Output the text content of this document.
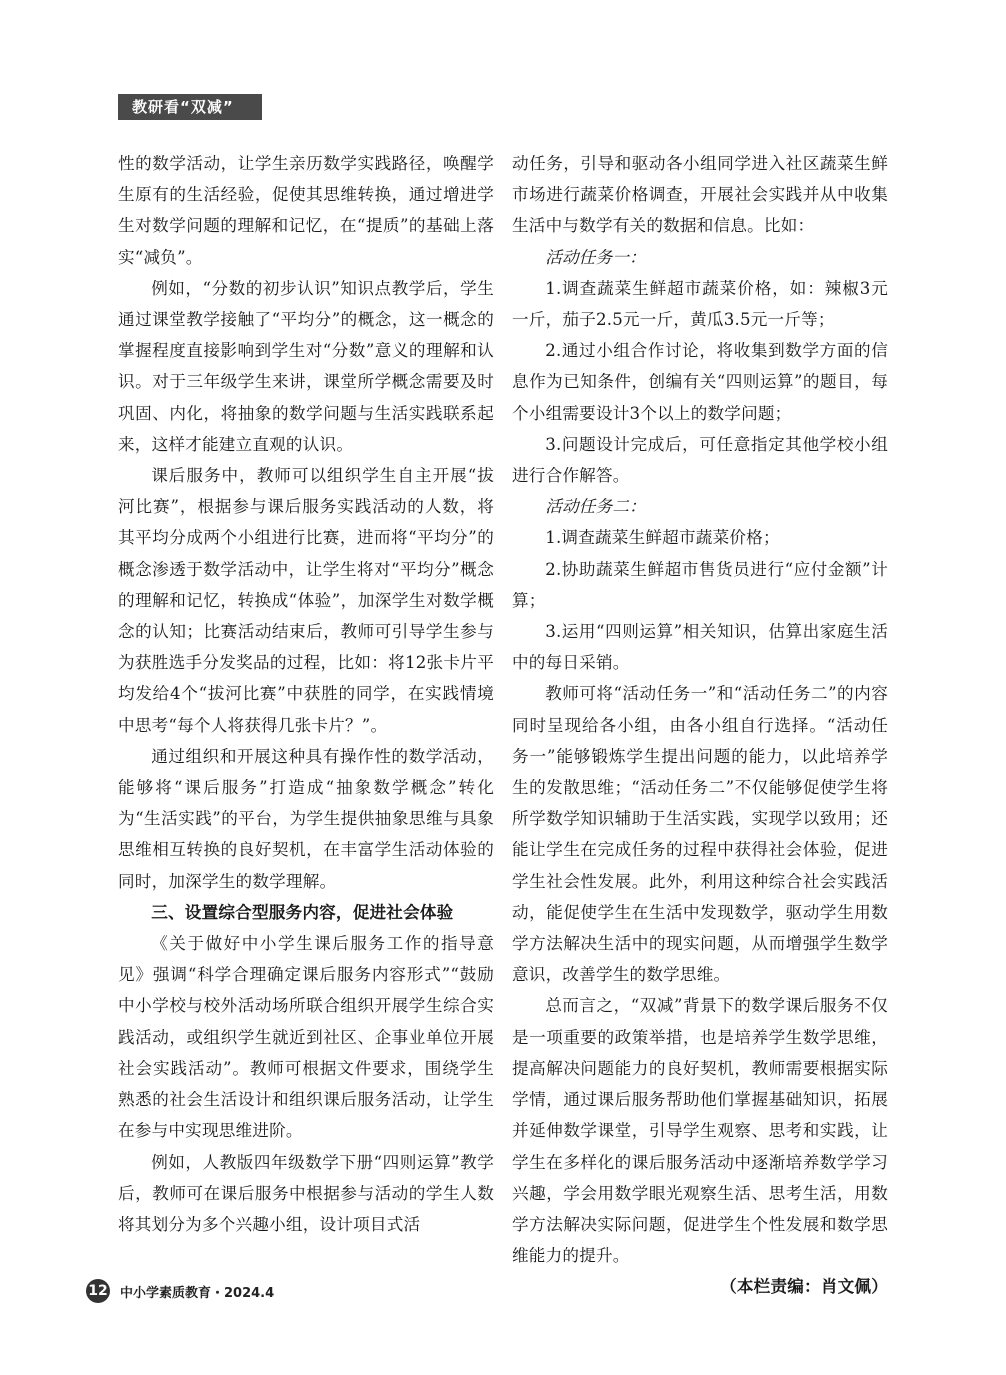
教研看“双减”

性的数学活动，让学生亲历数学实践路径，唤醒学生原有的生活经验，促使其思维转换，通过增进学生对数学问题的理解和记忆，在“提质”的基础上落实“减负”。

例如，“分数的初步认识”知识点教学后，学生通过课堂教学接触了“平均分”的概念，这一概念的掌握程度直接影响到学生对“分数”意义的理解和认识。对于三年级学生来讲，课堂所学概念需要及时巩固、内化，将抽象的数学问题与生活实践联系起来，这样才能建立直观的认识。

课后服务中，教师可以组织学生自主开展“拔河比赛”，根据参与课后服务实践活动的人数，将其平均分成两个小组进行比赛，进而将“平均分”的概念渗透于数学活动中，让学生将对“平均分”概念的理解和记忆，转换成“体验”，加深学生对数学概念的认知；比赛活动结束后，教师可引导学生参与为获胜选手分发奖品的过程，比如：将12张卡片平均发给4个“拔河比赛”中获胜的同学，在实践情境中思考“每个人将获得几张卡片？”。

通过组织和开展这种具有操作性的数学活动，能够将“课后服务”打造成“抽象数学概念”转化为“生活实践”的平台，为学生提供抽象思维与具象思维相互转换的良好契机，在丰富学生活动体验的同时，加深学生的数学理解。

三、设置综合型服务内容，促进社会体验

《关于做好中小学生课后服务工作的指导意见》强调“科学合理确定课后服务内容形式”“鼓励中小学校与校外活动场所联合组织开展学生综合实践活动，或组织学生就近到社区、企事业单位开展社会实践活动”。教师可根据文件要求，围绕学生熟悉的社会生活设计和组织课后服务活动，让学生在参与中实现思维进阶。

例如，人教版四年级数学下册“四则运算”教学后，教师可在课后服务中根据参与活动的学生人数将其划分为多个兴趣小组，设计项目式活

动任务，引导和驱动各小组同学进入社区蔬菜生鲜市场进行蔬菜价格调查，开展社会实践并从中收集生活中与数学有关的数据和信息。比如：

活动任务一：

1.调查蔬菜生鲜超市蔬菜价格，如：辣椒3元一斤，茄子2.5元一斤，黄瓜3.5元一斤等；

2.通过小组合作讨论，将收集到数学方面的信息作为已知条件，创编有关“四则运算”的题目，每个小组需要设计3个以上的数学问题；

3.问题设计完成后，可任意指定其他学校小组进行合作解答。

活动任务二：

1.调查蔬菜生鲜超市蔬菜价格；

2.协助蔬菜生鲜超市售货员进行“应付金额”计算；

3.运用“四则运算”相关知识，估算出家庭生活中的每日采销。

教师可将“活动任务一”和“活动任务二”的内容同时呈现给各小组，由各小组自行选择。“活动任务一”能够锻炼学生提出问题的能力，以此培养学生的发散思维；“活动任务二”不仅能够促使学生将所学数学知识辅助于生活实践，实现学以致用；还能让学生在完成任务的过程中获得社会体验，促进学生社会性发展。此外，利用这种综合社会实践活动，能促使学生在生活中发现数学，驱动学生用数学方法解决生活中的现实问题，从而增强学生数学意识，改善学生的数学思维。

总而言之，“双减”背景下的数学课后服务不仅是一项重要的政策举措，也是培养学生数学思维，提高解决问题能力的良好契机，教师需要根据实际学情，通过课后服务帮助他们掌握基础知识，拓展并延伸数学课堂，引导学生观察、思考和实践，让学生在多样化的课后服务活动中逐渐培养数学学习兴趣，学会用数学眼光观察生活、思考生活，用数学方法解决实际问题，促进学生个性发展和数学思维能力的提升。

（本栏责编：肖文佩）

12 中小学素质教育・2024.4
